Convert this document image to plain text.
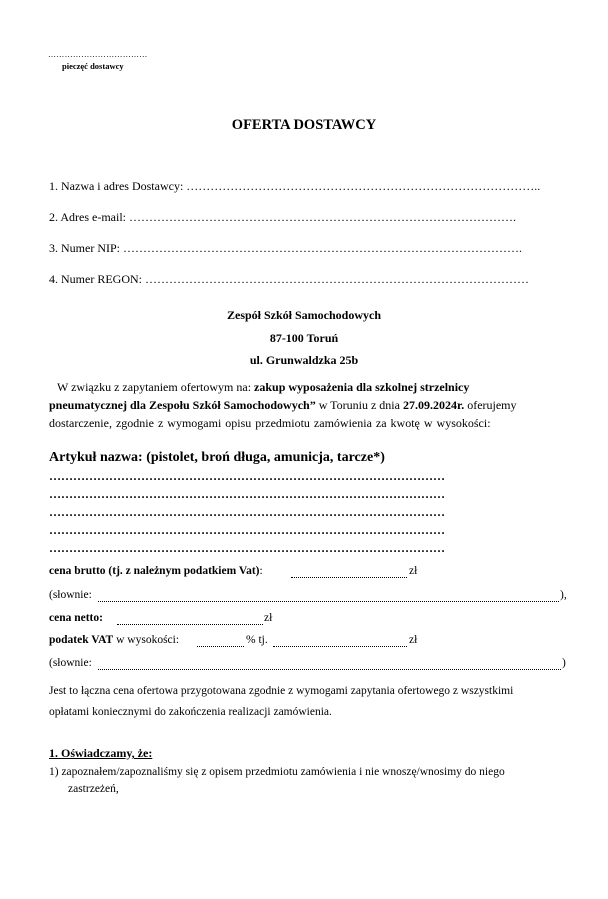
………………………………
pieczęć dostawcy
OFERTA DOSTAWCY
1. Nazwa i adres Dostawcy: ……………………………………………………………………………..
2. Adres e-mail: …………………………………………………………………………………….
3. Numer NIP: ……………………………………………………………………………………….
4. Numer REGON: ……………………………………………………………………………………
Zespół Szkół Samochodowych
87-100 Toruń
ul. Grunwaldzka 25b
W związku z zapytaniem ofertowym na: zakup wyposażenia dla szkolnej strzelnicy
pneumatycznej dla Zespołu Szkół Samochodowych” w Toruniu z dnia 27.09.2024r. oferujemy
dostarczenie, zgodnie z wymogami opisu przedmiotu zamówienia za kwotę w wysokości:
Artykuł nazwa: (pistolet, broń długa, amunicja, tarcze*)
………………………………………………………………………………………
………………………………………………………………………………………
………………………………………………………………………………………
………………………………………………………………………………………
………………………………………………………………………………………
cena brutto (tj. z należnym podatkiem Vat):	zł
(słownie:	),
cena netto:	zł
podatek VAT w wysokości:	% tj.	zł
(słownie:	)
Jest to łączna cena ofertowa przygotowana zgodnie z wymogami zapytania ofertowego z wszystkimi
opłatami koniecznymi do zakończenia realizacji zamówienia.
1. Oświadczamy, że:
1) zapoznałem/zapoznaliśmy się z opisem przedmiotu zamówienia i nie wnoszę/wnosimy do niego
zastrzeżeń,
